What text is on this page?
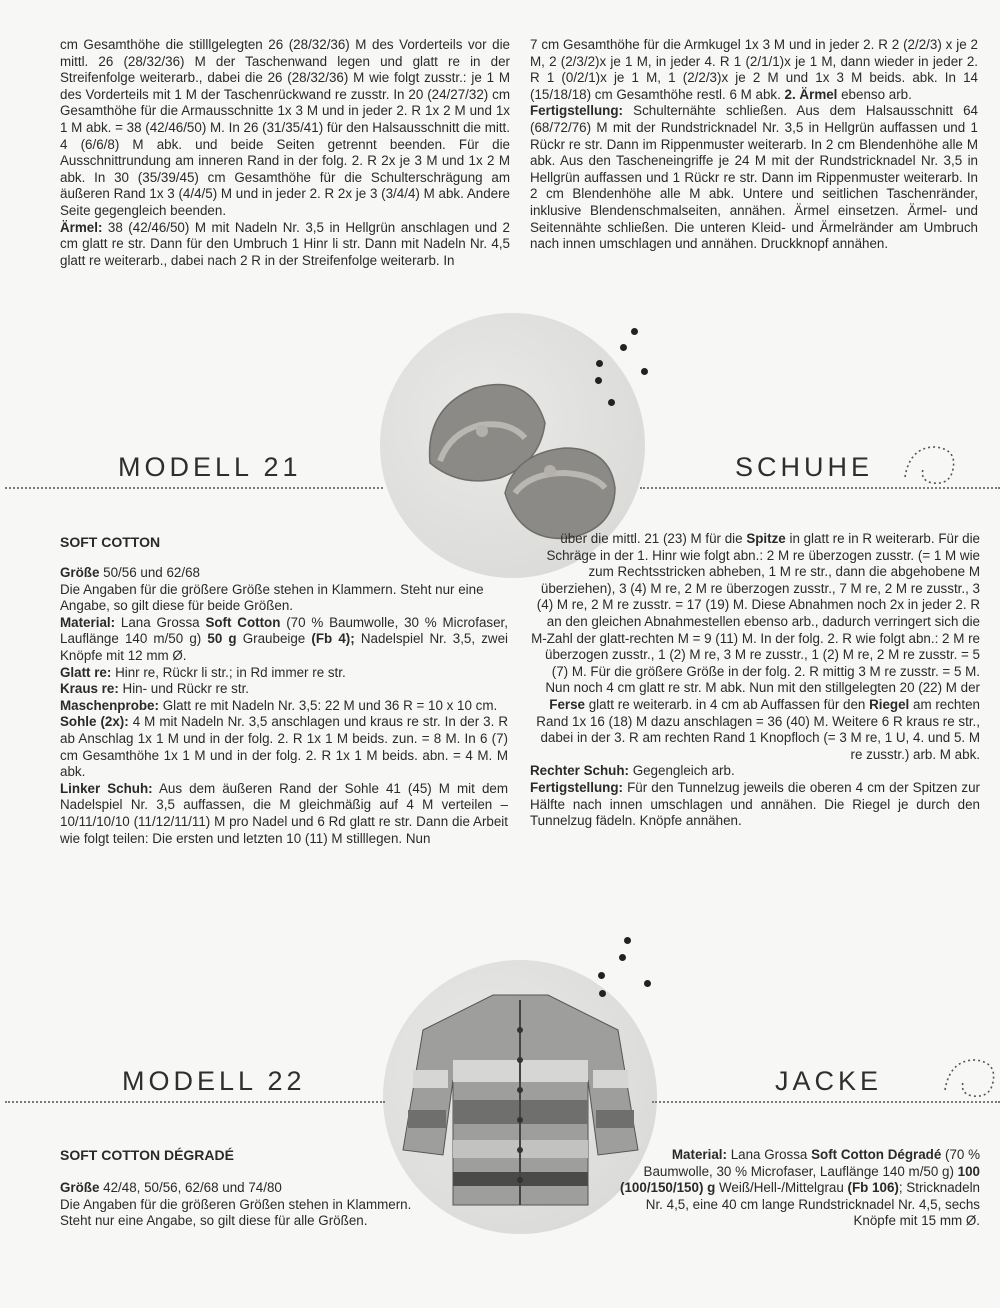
cm Gesamthöhe die stilllgelegten 26 (28/32/36) M des Vorderteils vor die mittl. 26 (28/32/36) M der Taschenwand legen und glatt re in der Streifenfolge weiterarb., dabei die 26 (28/32/36) M wie folgt zusstr.: je 1 M des Vorderteils mit 1 M der Taschenrückwand re zusstr. In 20 (24/27/32) cm Gesamthöhe für die Armausschnitte 1x 3 M und in jeder 2. R 1x 2 M und 1x 1 M abk. = 38 (42/46/50) M. In 26 (31/35/41) für den Halsausschnitt die mitt. 4 (6/6/8) M abk. und beide Seiten getrennt beenden. Für die Ausschnittrundung am inneren Rand in der folg. 2. R 2x je 3 M und 1x 2 M abk. In 30 (35/39/45) cm Gesamthöhe für die Schulterschrägung am äußeren Rand 1x 3 (4/4/5) M und in jeder 2. R 2x je 3 (3/4/4) M abk. Andere Seite gegengleich beenden.

Ärmel: 38 (42/46/50) M mit Nadeln Nr. 3,5 in Hellgrün anschlagen und 2 cm glatt re str. Dann für den Umbruch 1 Hinr li str. Dann mit Nadeln Nr. 4,5 glatt re weiterarb., dabei nach 2 R in der Streifenfolge weiterarb. In

7 cm Gesamthöhe für die Armkugel 1x 3 M und in jeder 2. R 2 (2/2/3) x je 2 M, 2 (2/3/2)x je 1 M, in jeder 4. R 1 (2/1/1)x je 1 M, dann wieder in jeder 2. R 1 (0/2/1)x je 1 M, 1 (2/2/3)x je 2 M und 1x 3 M beids. abk. In 14 (15/18/18) cm Gesamthöhe restl. 6 M abk. 2. Ärmel ebenso arb.

Fertigstellung: Schulternähte schließen. Aus dem Halsausschnitt 64 (68/72/76) M mit der Rundstricknadel Nr. 3,5 in Hellgrün auffassen und 1 Rückr re str. Dann im Rippenmuster weiterarb. In 2 cm Blendenhöhe alle M abk. Aus den Tascheneingriffe je 24 M mit der Rundstricknadel Nr. 3,5 in Hellgrün auffassen und 1 Rückr re str. Dann im Rippenmuster weiterarb. In 2 cm Blendenhöhe alle M abk. Untere und seitlichen Taschenränder, inklusive Blendenschmalseiten, annähen. Ärmel einsetzen. Ärmel- und Seitennähte schließen. Die unteren Kleid- und Ärmelränder am Umbruch nach innen umschlagen und annähen. Druckknopf annähen.

MODELL 21	SCHUHE
SOFT COTTON

Größe 50/56 und 62/68

Die Angaben für die größere Größe stehen in Klammern. Steht nur eine Angabe, so gilt diese für beide Größen.

Material: Lana Grossa Soft Cotton (70 % Baumwolle, 30 % Microfaser, Lauflänge 140 m/50 g) 50 g Graubeige (Fb 4); Nadelspiel Nr. 3,5, zwei Knöpfe mit 12 mm Ø.

Glatt re: Hinr re, Rückr li str.; in Rd immer re str.

Kraus re: Hin- und Rückr re str.

Maschenprobe: Glatt re mit Nadeln Nr. 3,5: 22 M und 36 R = 10 x 10 cm.

Sohle (2x): 4 M mit Nadeln Nr. 3,5 anschlagen und kraus re str. In der 3. R ab Anschlag 1x 1 M und in der folg. 2. R 1x 1 M beids. zun. = 8 M. In 6 (7) cm Gesamthöhe 1x 1 M und in der folg. 2. R 1x 1 M beids. abn. = 4 M. M abk.

Linker Schuh: Aus dem äußeren Rand der Sohle 41 (45) M mit dem Nadelspiel Nr. 3,5 auffassen, die M gleichmäßig auf 4 M verteilen – 10/11/10/10 (11/12/11/11) M pro Nadel und 6 Rd glatt re str. Dann die Arbeit wie folgt teilen: Die ersten und letzten 10 (11) M stilllegen. Nun

über die mittl. 21 (23) M für die Spitze in glatt re in R weiterarb. Für die Schräge in der 1. Hinr wie folgt abn.: 2 M re überzogen zusstr. (= 1 M wie zum Rechtsstricken abheben, 1 M re str., dann die abgehobene M überziehen), 3 (4) M re, 2 M re überzogen zusstr., 7 M re, 2 M re zusstr., 3 (4) M re, 2 M re zusstr. = 17 (19) M. Diese Abnahmen noch 2x in jeder 2. R an den gleichen Abnahmestellen ebenso arb., dadurch verringert sich die M-Zahl der glatt-rechten M = 9 (11) M. In der folg. 2. R wie folgt abn.: 2 M re überzogen zusstr., 1 (2) M re, 3 M re zusstr., 1 (2) M re, 2 M re zusstr. = 5 (7) M. Für die größere Größe in der folg. 2. R mittig 3 M re zusstr. = 5 M. Nun noch 4 cm glatt re str. M abk. Nun mit den stillgelegten 20 (22) M der Ferse glatt re weiterarb. in 4 cm ab Auffassen für den Riegel am rechten Rand 1x 16 (18) M dazu anschlagen = 36 (40) M. Weitere 6 R kraus re str., dabei in der 3. R am rechten Rand 1 Knopfloch (= 3 M re, 1 U, 4. und 5. M re zusstr.) arb. M abk.

Rechter Schuh: Gegengleich arb.

Fertigstellung: Für den Tunnelzug jeweils die oberen 4 cm der Spitzen zur Hälfte nach innen umschlagen und annähen. Die Riegel je durch den Tunnelzug fädeln. Knöpfe annähen.

MODELL 22	JACKE
SOFT COTTON DÉGRADÉ

Größe 42/48, 50/56, 62/68 und 74/80

Die Angaben für die größeren Größen stehen in Klammern. Steht nur eine Angabe, so gilt diese für alle Größen.

Material: Lana Grossa Soft Cotton Dégradé (70 % Baumwolle, 30 % Microfaser, Lauflänge 140 m/50 g) 100 (100/150/150) g Weiß/Hell-/Mittelgrau (Fb 106); Stricknadeln Nr. 4,5, eine 40 cm lange Rundstricknadel Nr. 4,5, sechs Knöpfe mit 15 mm Ø.
